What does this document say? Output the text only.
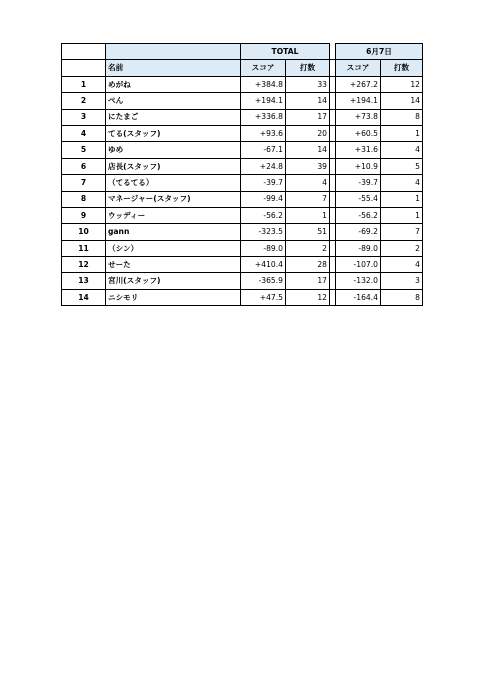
		TOTAL			6月7日	
	名前	スコア	打数		スコア	打数
1	めがね	+384.8	33		+267.2	12
2	ぺん	+194.1	14		+194.1	14
3	にたまご	+336.8	17		+73.8	8
4	てる(スタッフ)	+93.6	20		+60.5	1
5	ゆめ	-67.1	14		+31.6	4
6	店長(スタッフ)	+24.8	39		+10.9	5
7	（てるてる）	-39.7	4		-39.7	4
8	マネージャー(スタッフ)	-99.4	7		-55.4	1
9	ウッディー	-56.2	1		-56.2	1
10	gann	-323.5	51		-69.2	7
11	（シン）	-89.0	2		-89.0	2
12	せーた	+410.4	28		-107.0	4
13	宮川(スタッフ)	-365.9	17		-132.0	3
14	ニシモリ	+47.5	12		-164.4	8
